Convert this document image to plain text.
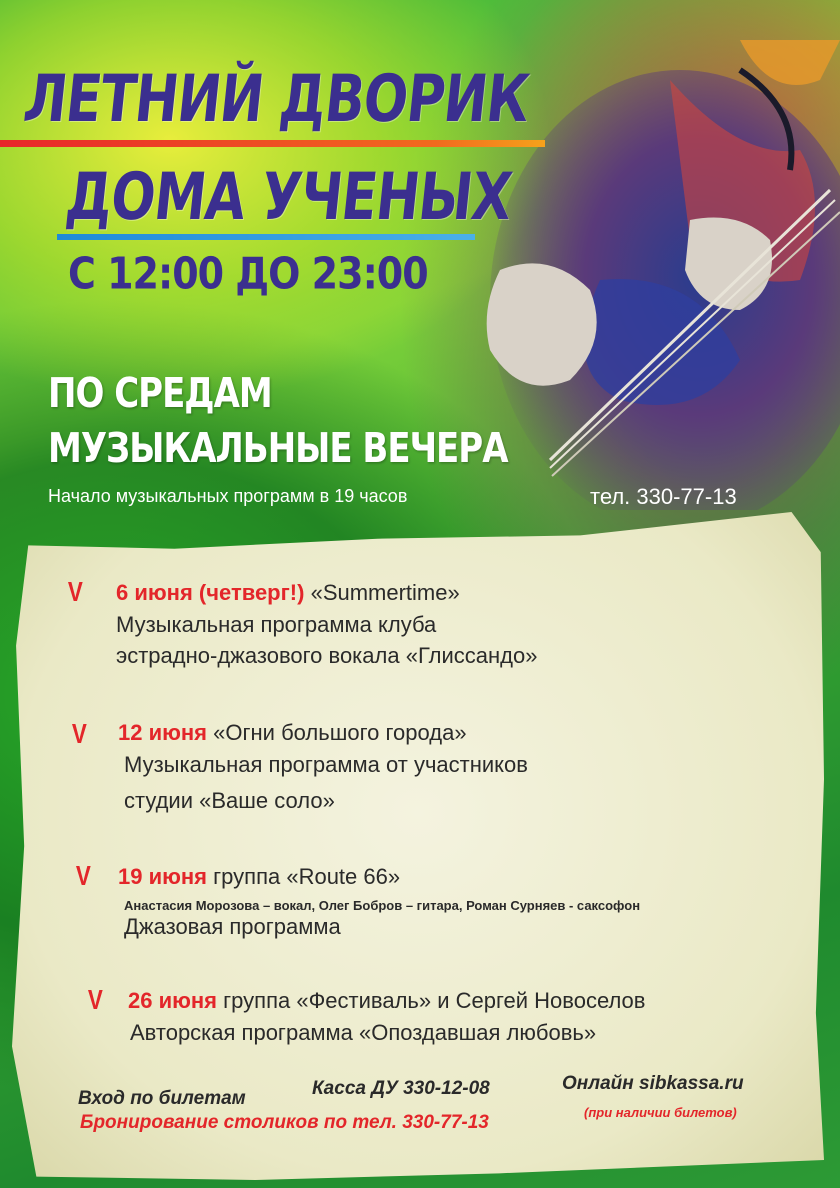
ЛЕТНИЙ ДВОРИК
ДОМА УЧЕНЫХ
С 12:00 ДО 23:00
ПО СРЕДАМ
МУЗЫКАЛЬНЫЕ ВЕЧЕРА
Начало музыкальных программ в 19 часов	тел. 330-77-13
V 6 июня (четверг!) «Summertime»
Музыкальная программа клуба
эстрадно-джазового вокала «Глиссандо»
V 12 июня «Огни большого города»
Музыкальная программа от участников
студии «Ваше соло»
V 19 июня группа «Route 66»
Анастасия Морозова – вокал, Олег Бобров – гитара, Роман Сурняев - саксофон
Джазовая программа
V 26 июня группа «Фестиваль» и Сергей Новоселов
Авторская программа «Опоздавшая любовь»
Вход по билетам	Касса ДУ 330-12-08	Онлайн sibkassa.ru
Бронирование столиков по тел. 330-77-13	(при наличии билетов)
